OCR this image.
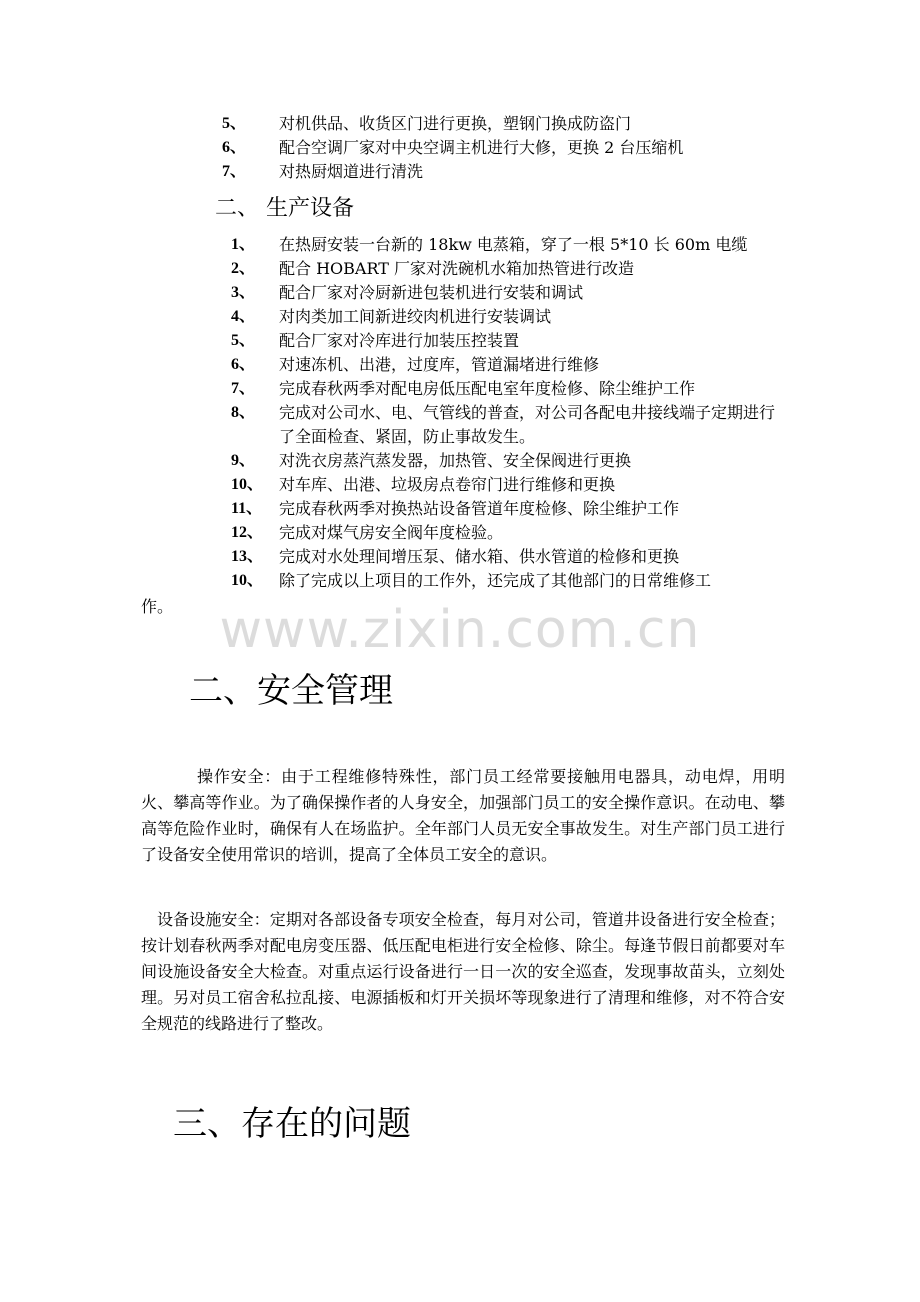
5、 对机供品、收货区门进行更换，塑钢门换成防盗门
6、 配合空调厂家对中央空调主机进行大修，更换 2 台压缩机
7、 对热厨烟道进行清洗
二、 生产设备
1、 在热厨安装一台新的 18kw 电蒸箱，穿了一根 5*10 长 60m 电缆
2、 配合 HOBART 厂家对洗碗机水箱加热管进行改造
3、 配合厂家对冷厨新进包装机进行安装和调试
4、 对肉类加工间新进绞肉机进行安装调试
5、 配合厂家对冷库进行加装压控装置
6、 对速冻机、出港，过度库，管道漏堵进行维修
7、 完成春秋两季对配电房低压配电室年度检修、除尘维护工作
8、 完成对公司水、电、气管线的普查，对公司各配电井接线端子定期进行了全面检查、紧固，防止事故发生。
9、 对洗衣房蒸汽蒸发器，加热管、安全保阀进行更换
10、 对车库、出港、垃圾房点卷帘门进行维修和更换
11、 完成春秋两季对换热站设备管道年度检修、除尘维护工作
12、 完成对煤气房安全阀年度检验。
13、 完成对水处理间增压泵、储水箱、供水管道的检修和更换
10、 除了完成以上项目的工作外，还完成了其他部门的日常维修工
作。 www.zixin.com.cn
二、安全管理
操作安全：由于工程维修特殊性，部门员工经常要接触用电器具，动电焊，用明火、攀高等作业。为了确保操作者的人身安全，加强部门员工的安全操作意识。在动电、攀高等危险作业时，确保有人在场监护。全年部门人员无安全事故发生。对生产部门员工进行了设备安全使用常识的培训，提高了全体员工安全的意识。
设备设施安全：定期对各部设备专项安全检查，每月对公司，管道井设备进行安全检查；按计划春秋两季对配电房变压器、低压配电柜进行安全检修、除尘。每逢节假日前都要对车间设施设备安全大检查。对重点运行设备进行一日一次的安全巡查，发现事故苗头，立刻处理。另对员工宿舍私拉乱接、电源插板和灯开关损坏等现象进行了清理和维修，对不符合安全规范的线路进行了整改。
三、存在的问题
